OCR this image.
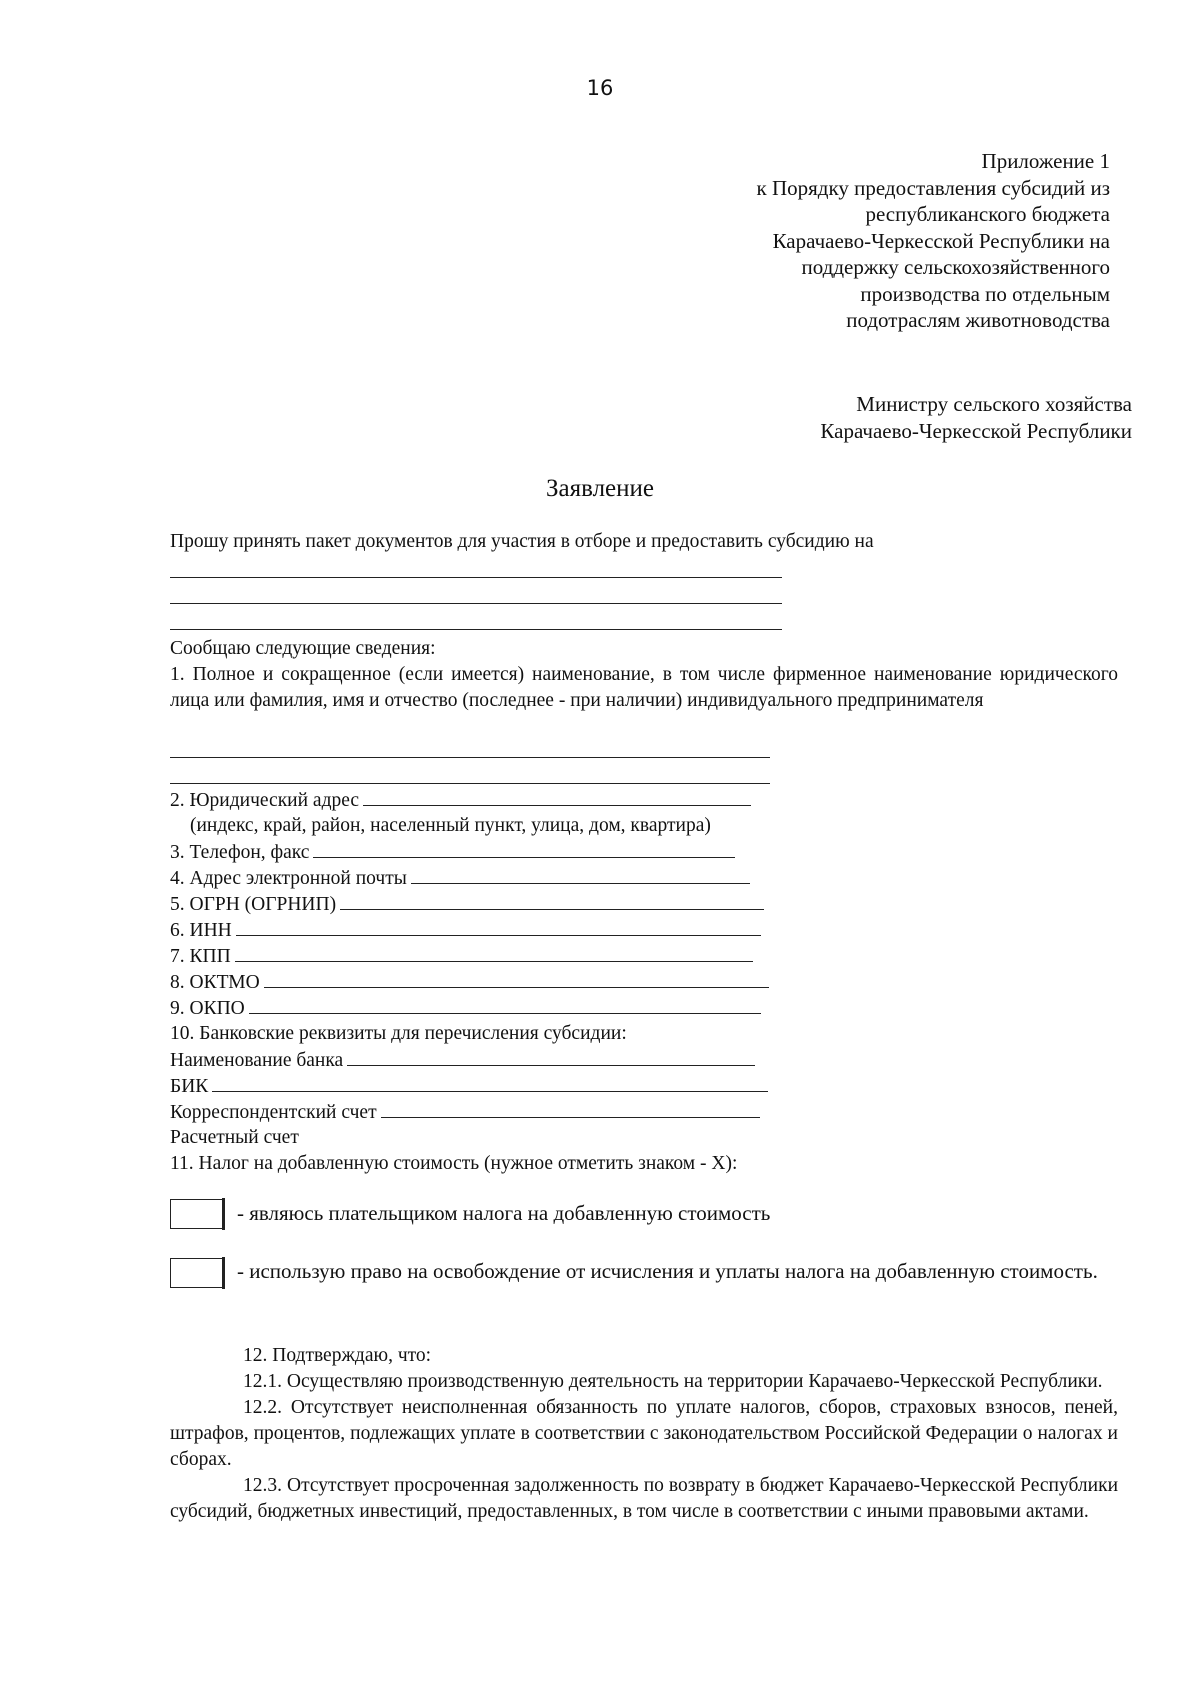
16
Приложение 1
к Порядку предоставления субсидий из
республиканского бюджета
Карачаево-Черкесской Республики на
поддержку сельскохозяйственного
производства по отдельным
подотраслям животноводства
Министру сельского хозяйства
Карачаево-Черкесской Республики
Заявление
Прошу принять пакет документов для участия в отборе и предоставить субсидию на
Сообщаю следующие сведения:
1. Полное и сокращенное (если имеется) наименование, в том числе фирменное наименование юридического лица или фамилия, имя и отчество (последнее - при наличии) индивидуального предпринимателя
2. Юридический адрес
(индекс, край, район, населенный пункт, улица, дом, квартира)
3. Телефон, факс
4. Адрес электронной почты
5. ОГРН (ОГРНИП)
6. ИНН
7. КПП
8. ОКТМО
9. ОКПО
10. Банковские реквизиты для перечисления субсидии:
Наименование банка
БИК
Корреспондентский счет
Расчетный счет
11. Налог на добавленную стоимость (нужное отметить знаком - Х):
- являюсь плательщиком налога на добавленную стоимость
- использую право на освобождение от исчисления и уплаты налога на добавленную стоимость.

12. Подтверждаю, что:

12.1. Осуществляю производственную деятельность на территории Карачаево-Черкесской Республики.

12.2. Отсутствует неисполненная обязанность по уплате налогов, сборов, страховых взносов, пеней, штрафов, процентов, подлежащих уплате в соответствии с законодательством Российской Федерации о налогах и сборах.

12.3. Отсутствует просроченная задолженность по возврату в бюджет Карачаево-Черкесской Республики субсидий, бюджетных инвестиций, предоставленных, в том числе в соответствии с иными правовыми актами.
